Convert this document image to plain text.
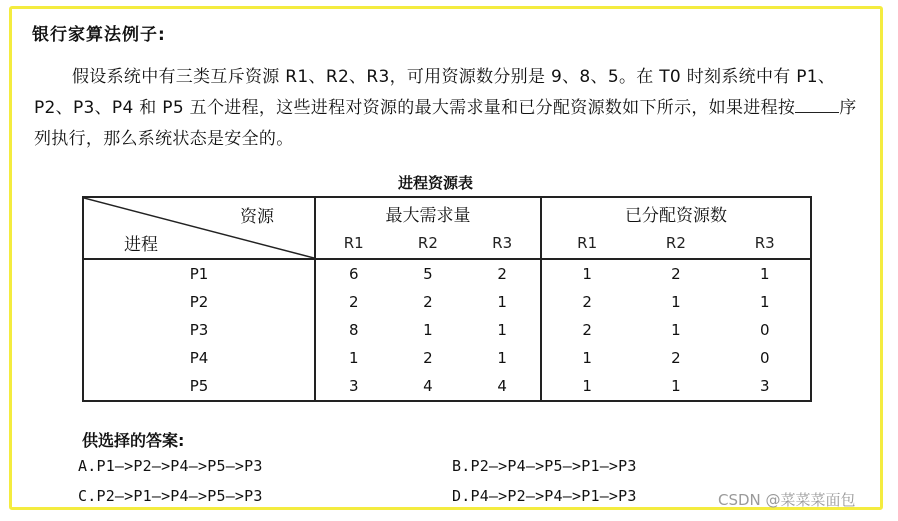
银行家算法例子:
假设系统中有三类互斥资源 R1、R2、R3，可用资源数分别是 9、8、5。在 T0 时刻系统中有 P1、P2、P3、P4 和 P5 五个进程，这些进程对资源的最大需求量和已分配资源数如下所示，如果进程按	序列执行，那么系统状态是安全的。
进程资源表
资源
进程	最大需求量			已分配资源数		
	R1	R2	R3	R1	R2	R3
P1	6	5	2	1	2	1
P2	2	2	1	2	1	1
P3	8	1	1	2	1	0
P4	1	2	1	1	2	0
P5	3	4	4	1	1	3
供选择的答案:
A.P1—>P2—>P4—>P5—>P3	B.P2—>P4—>P5—>P1—>P3
C.P2—>P1—>P4—>P5—>P3	D.P4—>P2—>P4—>P1—>P3	CSDN @菜菜菜面包
